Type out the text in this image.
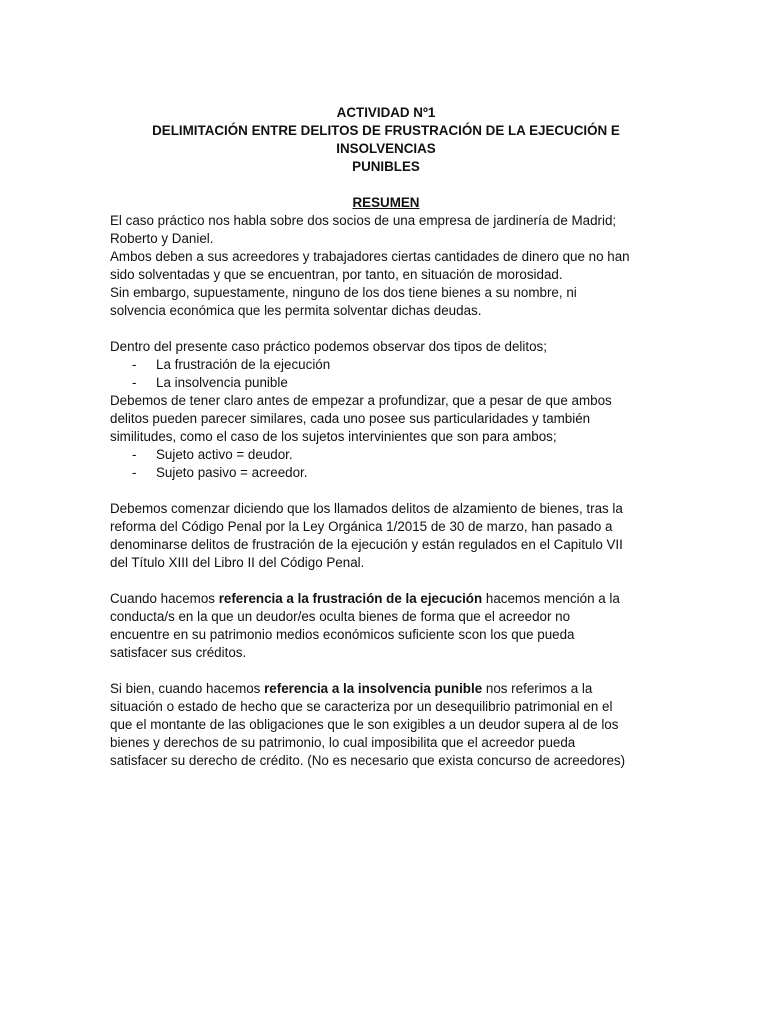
ACTIVIDAD Nº1

DELIMITACIÓN ENTRE DELITOS DE FRUSTRACIÓN DE LA EJECUCIÓN E INSOLVENCIAS

PUNIBLES

RESUMEN

El caso práctico nos habla sobre dos socios de una empresa de jardinería de Madrid;

Roberto y Daniel.

Ambos deben a sus acreedores y trabajadores ciertas cantidades de dinero que no han

sido solventadas y que se encuentran, por tanto, en situación de morosidad.

Sin embargo, supuestamente, ninguno de los dos tiene bienes a su nombre, ni

solvencia económica que les permita solventar dichas deudas.

Dentro del presente caso práctico podemos observar dos tipos de delitos;

- La frustración de la ejecución
- La insolvencia punible

Debemos de tener claro antes de empezar a profundizar, que a pesar de que ambos

delitos pueden parecer similares, cada uno posee sus particularidades y también

similitudes, como el caso de los sujetos intervinientes que son para ambos;

- Sujeto activo = deudor.
- Sujeto pasivo = acreedor.

Debemos comenzar diciendo que los llamados delitos de alzamiento de bienes, tras la

reforma del Código Penal por la Ley Orgánica 1/2015 de 30 de marzo, han pasado a

denominarse delitos de frustración de la ejecución y están regulados en el Capitulo VII

del Título XIII del Libro II del Código Penal.

Cuando hacemos referencia a la frustración de la ejecución hacemos mención a la

conducta/s en la que un deudor/es oculta bienes de forma que el acreedor no

encuentre en su patrimonio medios económicos suficiente scon los que pueda

satisfacer sus créditos.

Si bien, cuando hacemos referencia a la insolvencia punible nos referimos a la

situación o estado de hecho que se caracteriza por un desequilibrio patrimonial en el

que el montante de las obligaciones que le son exigibles a un deudor supera al de los

bienes y derechos de su patrimonio, lo cual imposibilita que el acreedor pueda

satisfacer su derecho de crédito. (No es necesario que exista concurso de acreedores)
